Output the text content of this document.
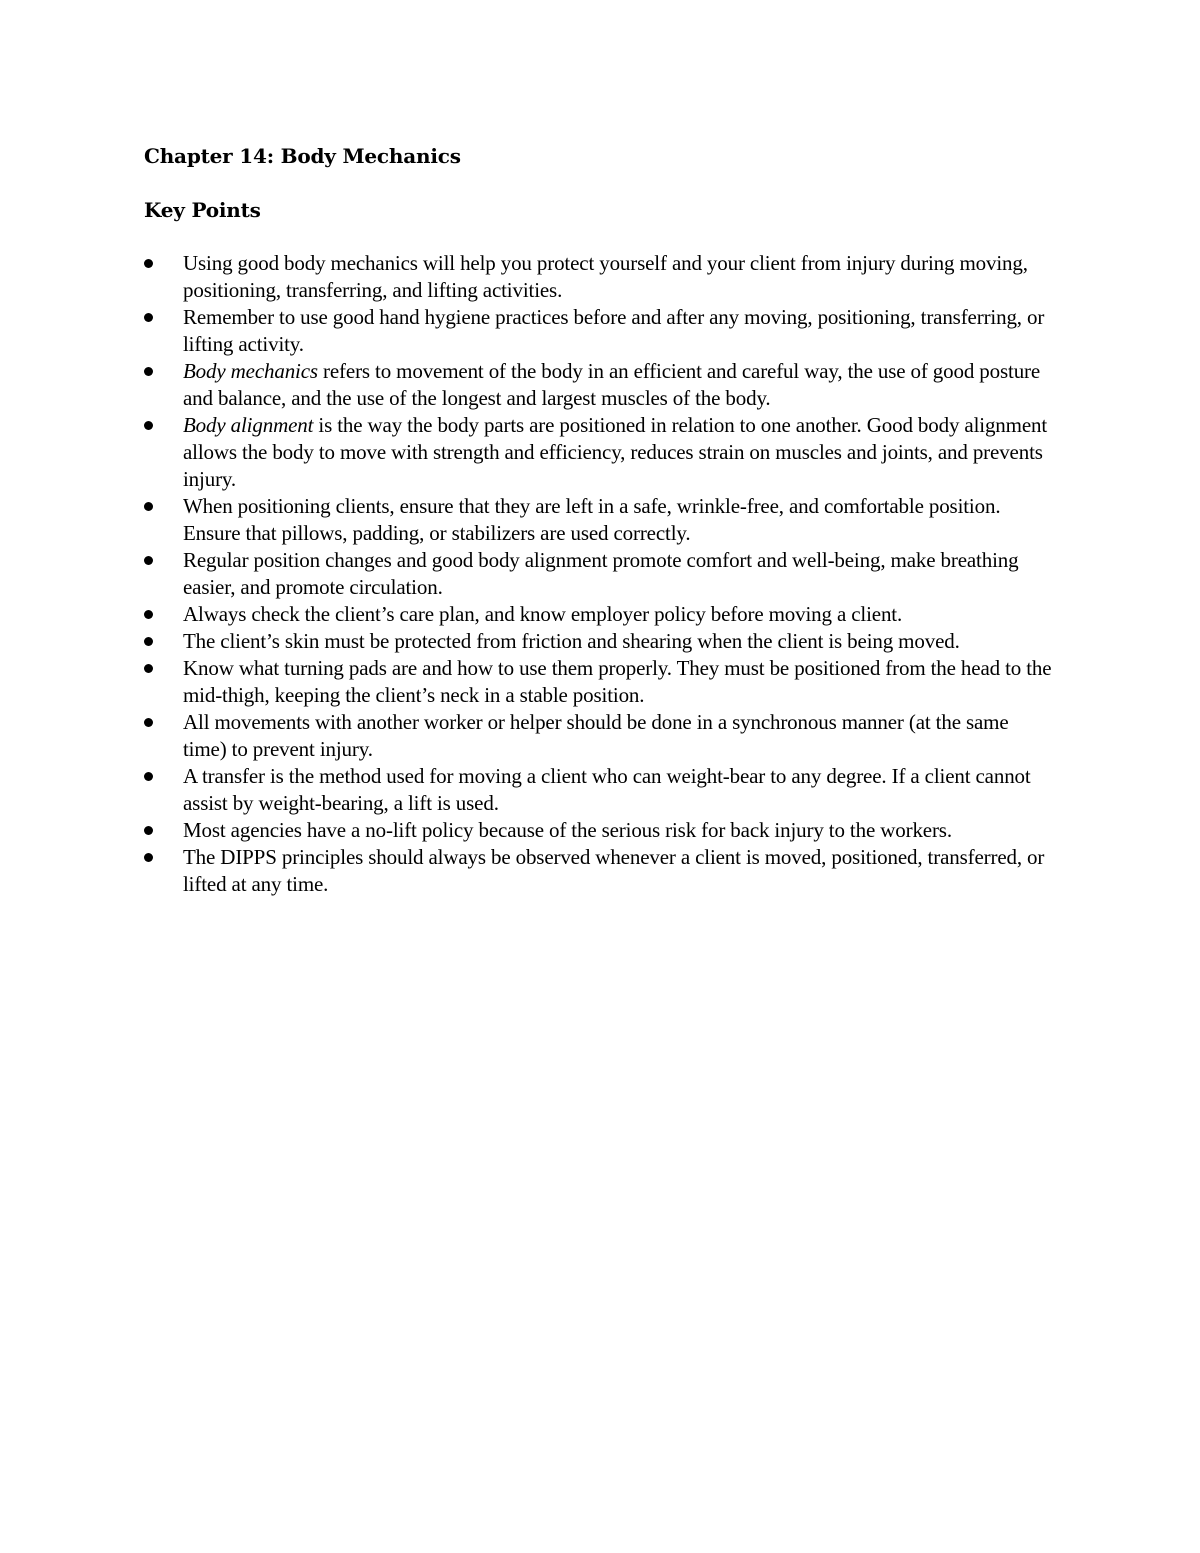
Chapter 14: Body Mechanics
Key Points
Using good body mechanics will help you protect yourself and your client from injury during moving, positioning, transferring, and lifting activities.
Remember to use good hand hygiene practices before and after any moving, positioning, transferring, or lifting activity.
Body mechanics refers to movement of the body in an efficient and careful way, the use of good posture and balance, and the use of the longest and largest muscles of the body.
Body alignment is the way the body parts are positioned in relation to one another. Good body alignment allows the body to move with strength and efficiency, reduces strain on muscles and joints, and prevents injury.
When positioning clients, ensure that they are left in a safe, wrinkle-free, and comfortable position. Ensure that pillows, padding, or stabilizers are used correctly.
Regular position changes and good body alignment promote comfort and well-being, make breathing easier, and promote circulation.
Always check the client’s care plan, and know employer policy before moving a client.
The client’s skin must be protected from friction and shearing when the client is being moved.
Know what turning pads are and how to use them properly. They must be positioned from the head to the mid-thigh, keeping the client’s neck in a stable position.
All movements with another worker or helper should be done in a synchronous manner (at the same time) to prevent injury.
A transfer is the method used for moving a client who can weight-bear to any degree. If a client cannot assist by weight-bearing, a lift is used.
Most agencies have a no-lift policy because of the serious risk for back injury to the workers.
The DIPPS principles should always be observed whenever a client is moved, positioned, transferred, or lifted at any time.
